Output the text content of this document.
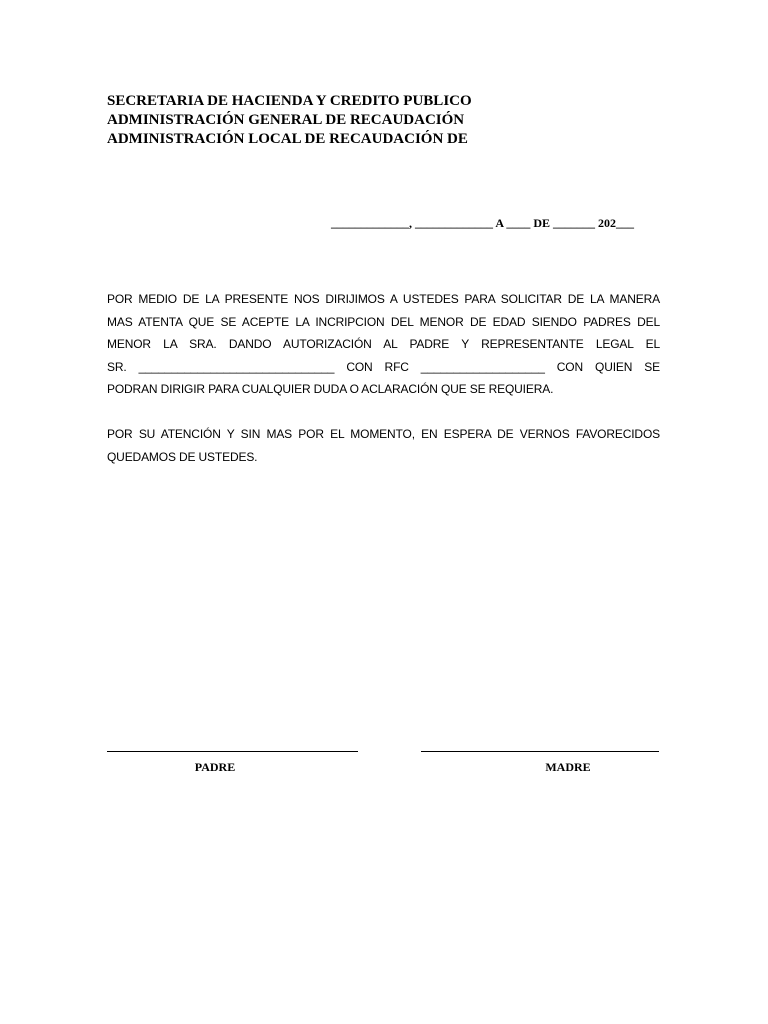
SECRETARIA DE HACIENDA Y CREDITO PUBLICO
ADMINISTRACIÓN GENERAL DE RECAUDACIÓN
ADMINISTRACIÓN LOCAL DE RECAUDACIÓN DE
_____________, _____________ A ____ DE _______ 202___
POR MEDIO DE LA PRESENTE NOS DIRIJIMOS A USTEDES PARA SOLICITAR DE LA MANERA
MAS ATENTA QUE SE ACEPTE LA INCRIPCION DEL MENOR DE EDAD SIENDO PADRES DEL
MENOR LA SRA. DANDO AUTORIZACIÓN AL PADRE Y REPRESENTANTE LEGAL EL
SR. ______________________________ CON RFC ___________________ CON QUIEN SE
PODRAN DIRIGIR PARA CUALQUIER DUDA O ACLARACIÓN QUE SE REQUIERA.
POR SU ATENCIÓN Y SIN MAS POR EL MOMENTO, EN ESPERA DE VERNOS FAVORECIDOS
QUEDAMOS DE USTEDES.
PADRE	MADRE
